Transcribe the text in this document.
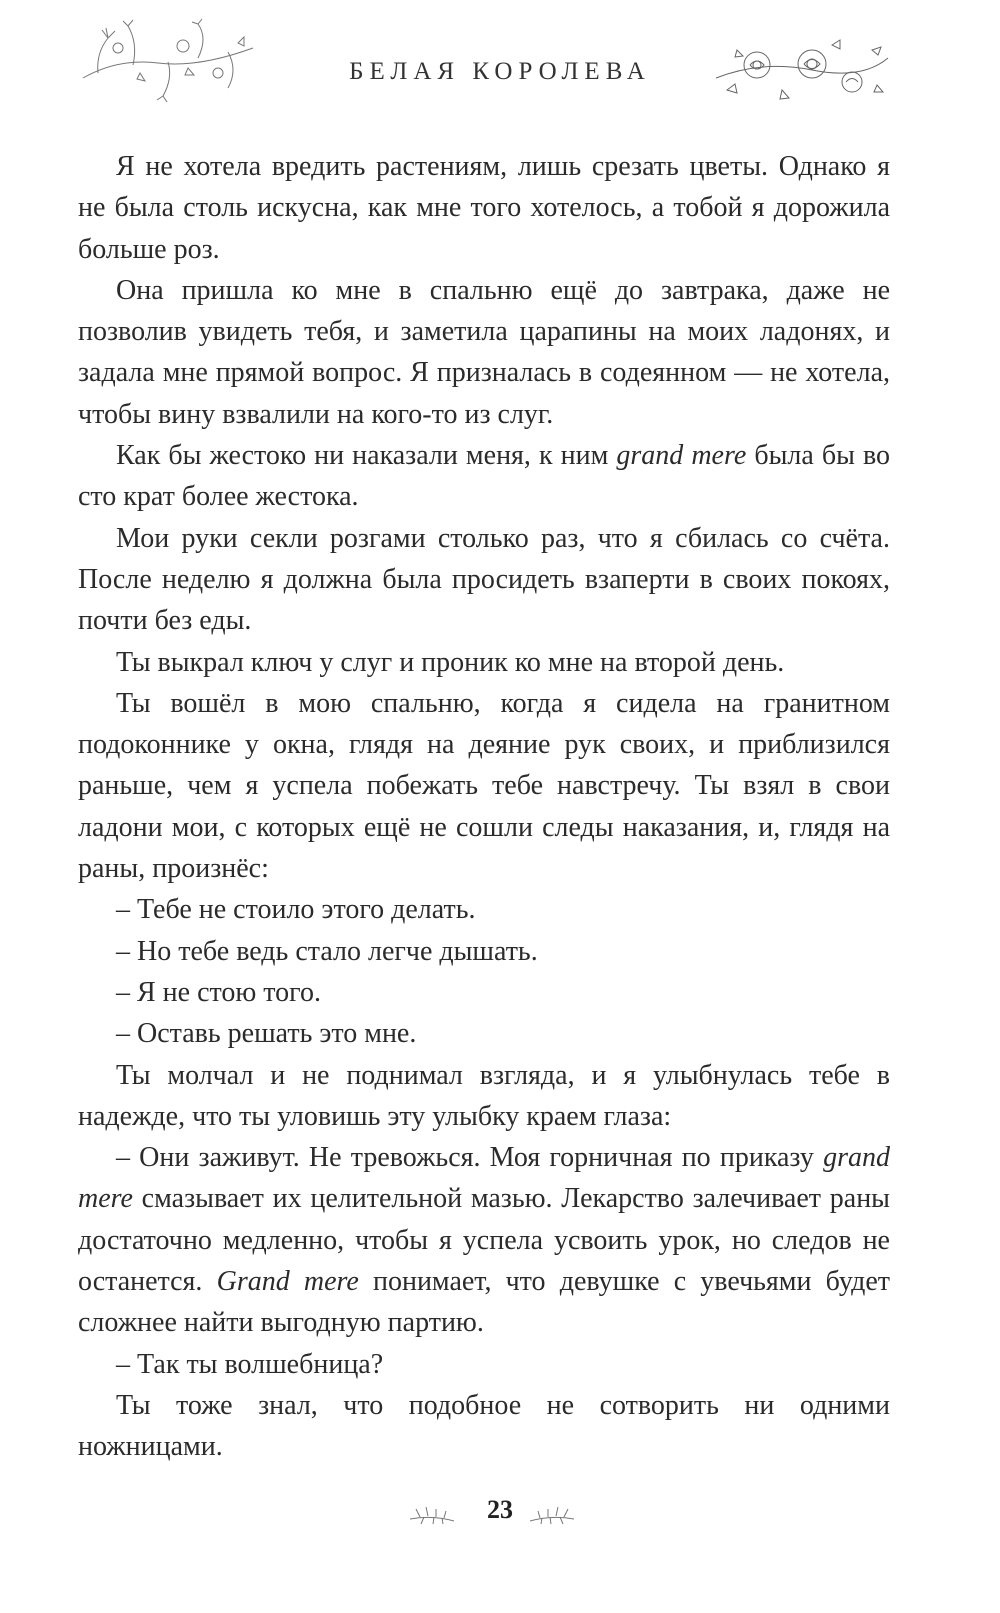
БЕЛАЯ КОРОЛЕВА

Я не хотела вредить растениям, лишь срезать цветы. Однако я не была столь искусна, как мне того хотелось, а тобой я дорожила больше роз.

Она пришла ко мне в спальню ещё до завтрака, даже не позволив увидеть тебя, и заметила царапины на моих ладонях, и задала мне прямой вопрос. Я призналась в содеянном — не хотела, чтобы вину взвалили на кого-то из слуг.

Как бы жестоко ни наказали меня, к ним grand mere была бы во сто крат более жестока.

Мои руки секли розгами столько раз, что я сбилась со счёта. После неделю я должна была просидеть взаперти в своих покоях, почти без еды.

Ты выкрал ключ у слуг и проник ко мне на второй день.

Ты вошёл в мою спальню, когда я сидела на гранитном подоконнике у окна, глядя на деяние рук своих, и приблизился раньше, чем я успела побежать тебе навстречу. Ты взял в свои ладони мои, с которых ещё не сошли следы наказания, и, глядя на раны, произнёс:

– Тебе не стоило этого делать.

– Но тебе ведь стало легче дышать.

– Я не стою того.

– Оставь решать это мне.

Ты молчал и не поднимал взгляда, и я улыбнулась тебе в надежде, что ты уловишь эту улыбку краем глаза:

– Они заживут. Не тревожься. Моя горничная по приказу grand mere смазывает их целительной мазью. Лекарство залечивает раны достаточно медленно, чтобы я успела усвоить урок, но следов не останется. Grand mere понимает, что девушке с увечьями будет сложнее найти выгодную партию.

– Так ты волшебница?

Ты тоже знал, что подобное не сотворить ни одними ножницами.

23
